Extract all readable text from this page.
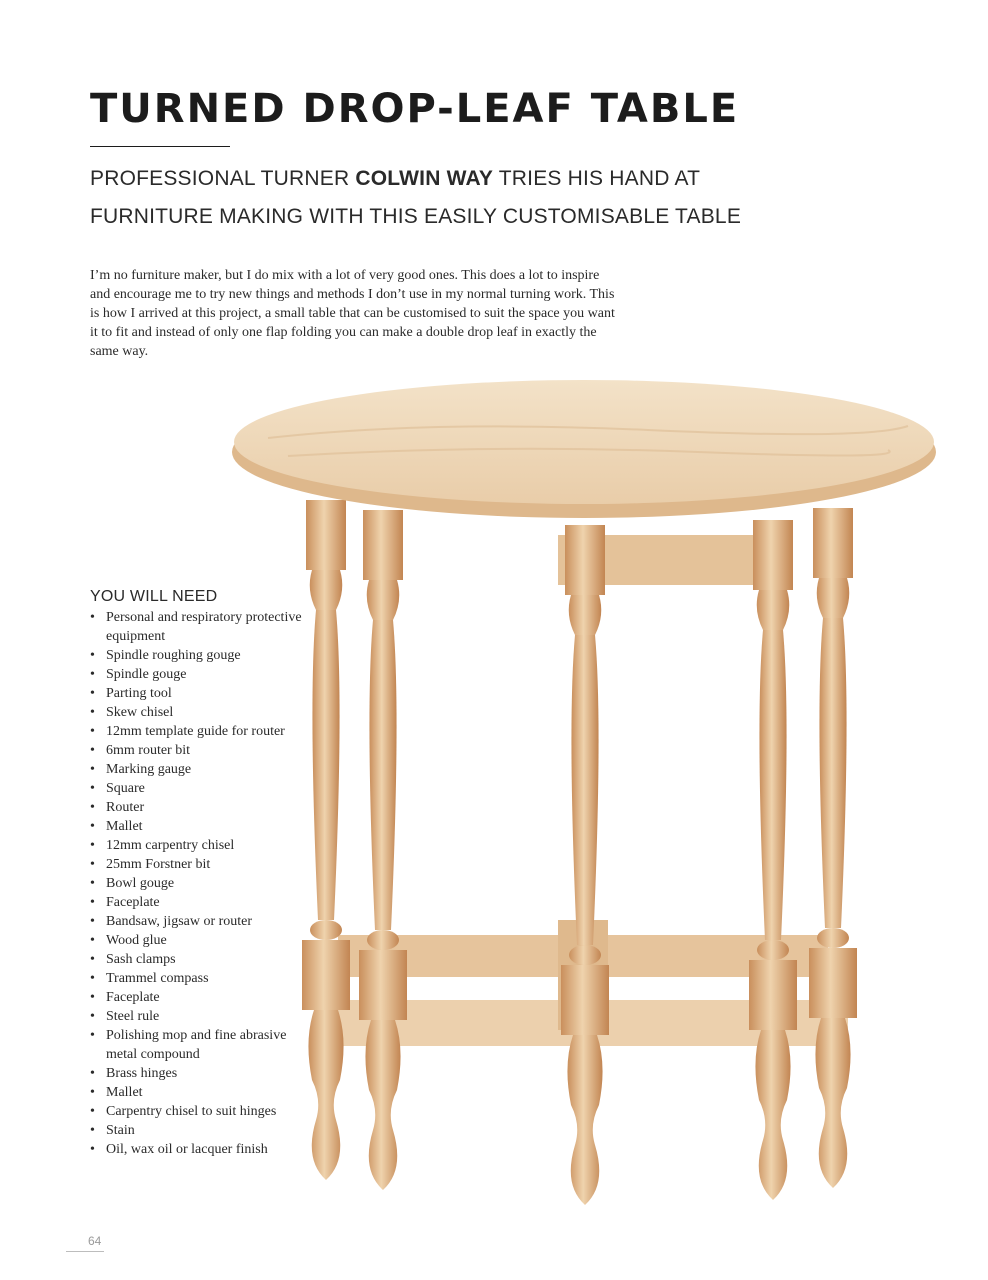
TURNED DROP-LEAF TABLE
PROFESSIONAL TURNER COLWIN WAY TRIES HIS HAND AT FURNITURE MAKING WITH THIS EASILY CUSTOMISABLE TABLE

I’m no furniture maker, but I do mix with a lot of very good ones. This does a lot to inspire and encourage me to try new things and methods I don’t use in my normal turning work. This is how I arrived at this project, a small table that can be customised to suit the space you want it to fit and instead of only one flap folding you can make a double drop leaf in exactly the same way.

YOU WILL NEED
• Personal and respiratory protective equipment
• Spindle roughing gouge
• Spindle gouge
• Parting tool
• Skew chisel
• 12mm template guide for router
• 6mm router bit
• Marking gauge
• Square
• Router
• Mallet
• 12mm carpentry chisel
• 25mm Forstner bit
• Bowl gouge
• Faceplate
• Bandsaw, jigsaw or router
• Wood glue
• Sash clamps
• Trammel compass
• Faceplate
• Steel rule
• Polishing mop and fine abrasive metal compound
• Brass hinges
• Mallet
• Carpentry chisel to suit hinges
• Stain
• Oil, wax oil or lacquer finish
64
